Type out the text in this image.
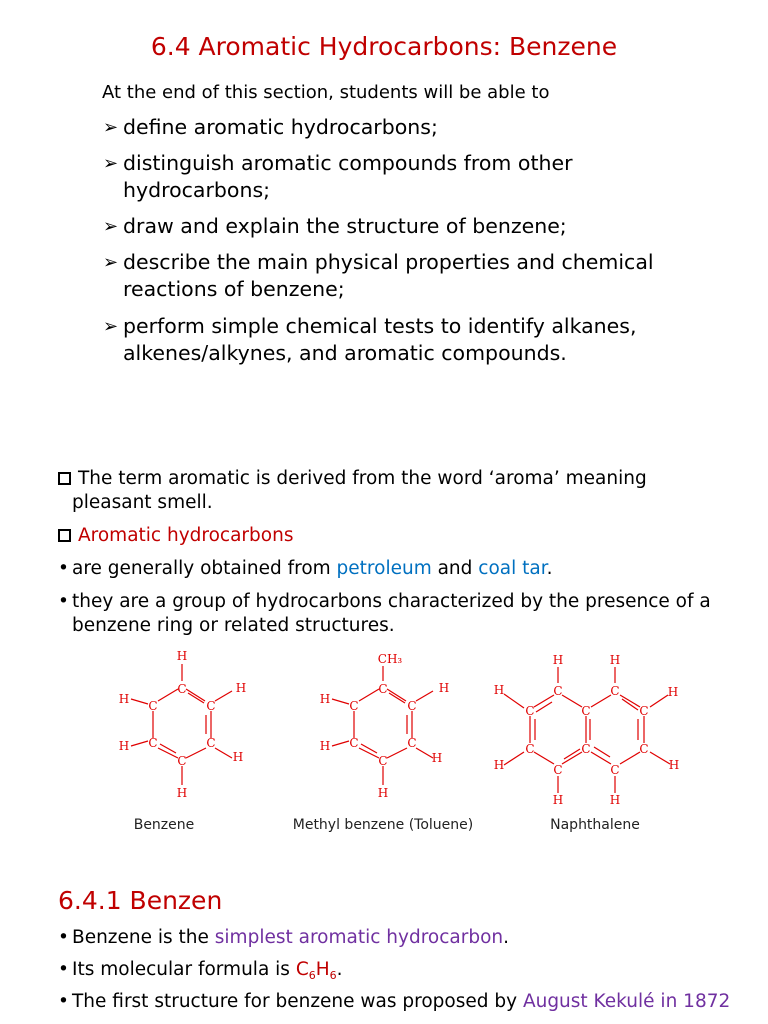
6.4 Aromatic Hydrocarbons: Benzene
At the end of this section, students will be able to
➢ define aromatic hydrocarbons;
➢ distinguish aromatic compounds from other hydrocarbons;
➢ draw and explain the structure of benzene;
➢ describe the main physical properties and chemical reactions of benzene;
➢ perform simple chemical tests to identify alkanes, alkenes/alkynes, and aromatic compounds.
The term aromatic is derived from the word ‘aroma’ meaning
pleasant smell.
Aromatic hydrocarbons
• are generally obtained from petroleum and coal tar.
• they are a group of hydrocarbons characterized by the presence of a benzene ring or related structures.
H
C
C
C
C
C
C
H
H
H
H
H
CH₃
C
C
C
C
C
C
H
H
H
H
H
H	H
C	C
C	C	C
C	C	C
C	C
H
H
H
H
H	H
Benzene	Methyl benzene (Toluene)	Naphthalene
6.4.1 Benzen
• Benzene is the simplest aromatic hydrocarbon.
• Its molecular formula is $C_6H_6$.
• The first structure for benzene was proposed by August Kekulé in 1872
